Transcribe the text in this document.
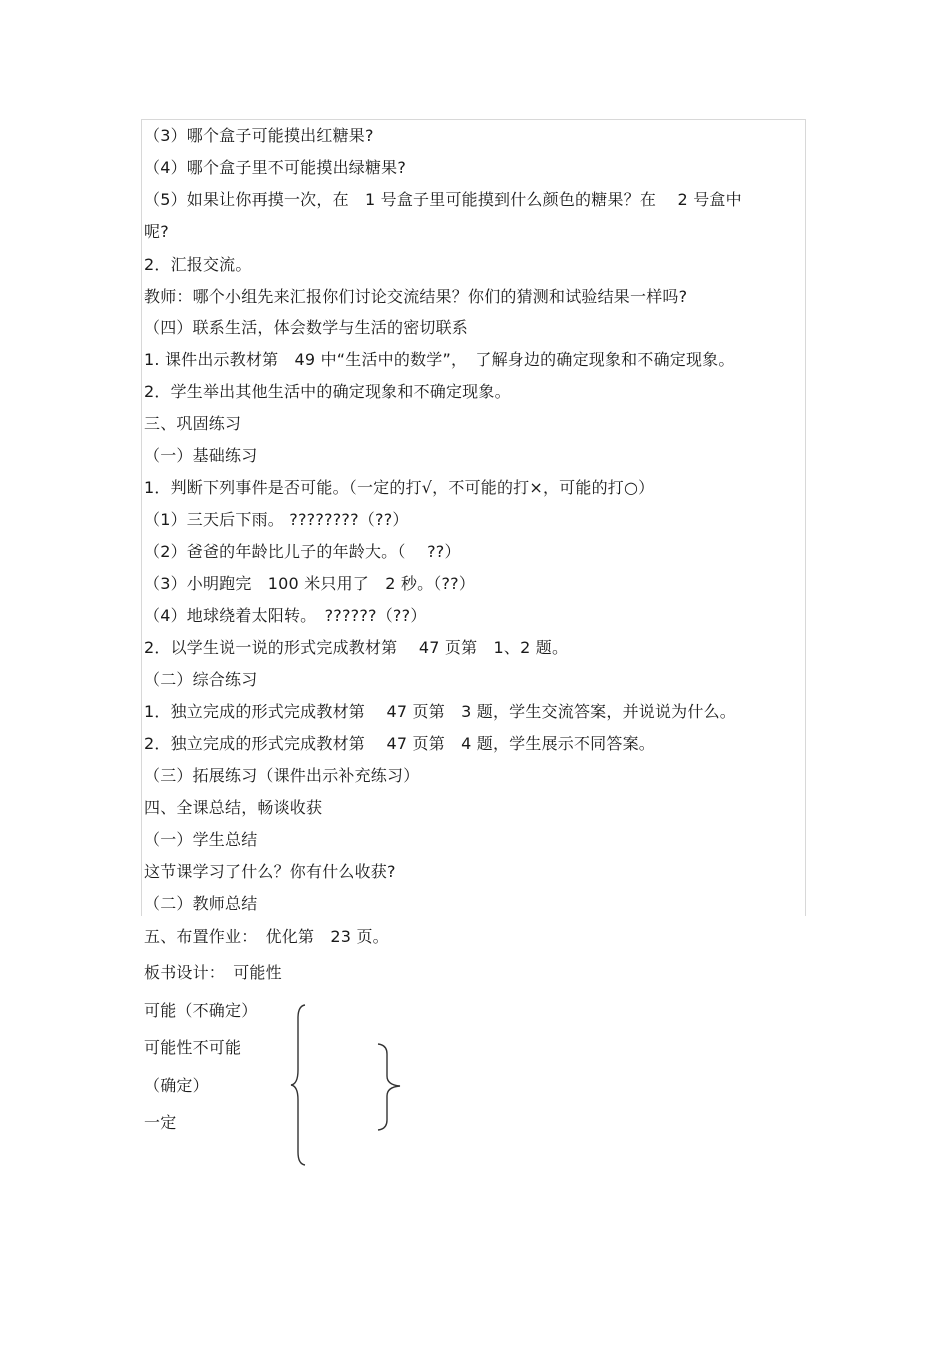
（3）哪个盒子可能摸出红糖果?
（4）哪个盒子里不可能摸出绿糖果?
（5）如果让你再摸一次，在　1 号盒子里可能摸到什么颜色的糖果？在　 2 号盒中
呢?
2．汇报交流。
教师：哪个小组先来汇报你们讨论交流结果？你们的猜测和试验结果一样吗?
（四）联系生活，体会数学与生活的密切联系
1. 课件出示教材第　49 中“生活中的数学”，　了解身边的确定现象和不确定现象。
2．学生举出其他生活中的确定现象和不确定现象。
三、巩固练习
（一）基础练习
1．判断下列事件是否可能。（一定的打√，不可能的打×，可能的打○）
（1）三天后下雨。 ????????（??）
（2）爸爸的年龄比儿子的年龄大。（　 ??）
（3）小明跑完　100 米只用了　2 秒。（??）
（4）地球绕着太阳转。　??????（??）
2．以学生说一说的形式完成教材第　 47 页第　1、2 题。
（二）综合练习
1．独立完成的形式完成教材第　 47 页第　3 题，学生交流答案，并说说为什么。
2．独立完成的形式完成教材第　 47 页第　4 题，学生展示不同答案。
（三）拓展练习（课件出示补充练习）
四、全课总结，畅谈收获
（一）学生总结
这节课学习了什么？你有什么收获?
（二）教师总结
五、布置作业：　优化第　23 页。
板书设计：　可能性
可能（不确定）
可能性不可能
（确定）
一定
